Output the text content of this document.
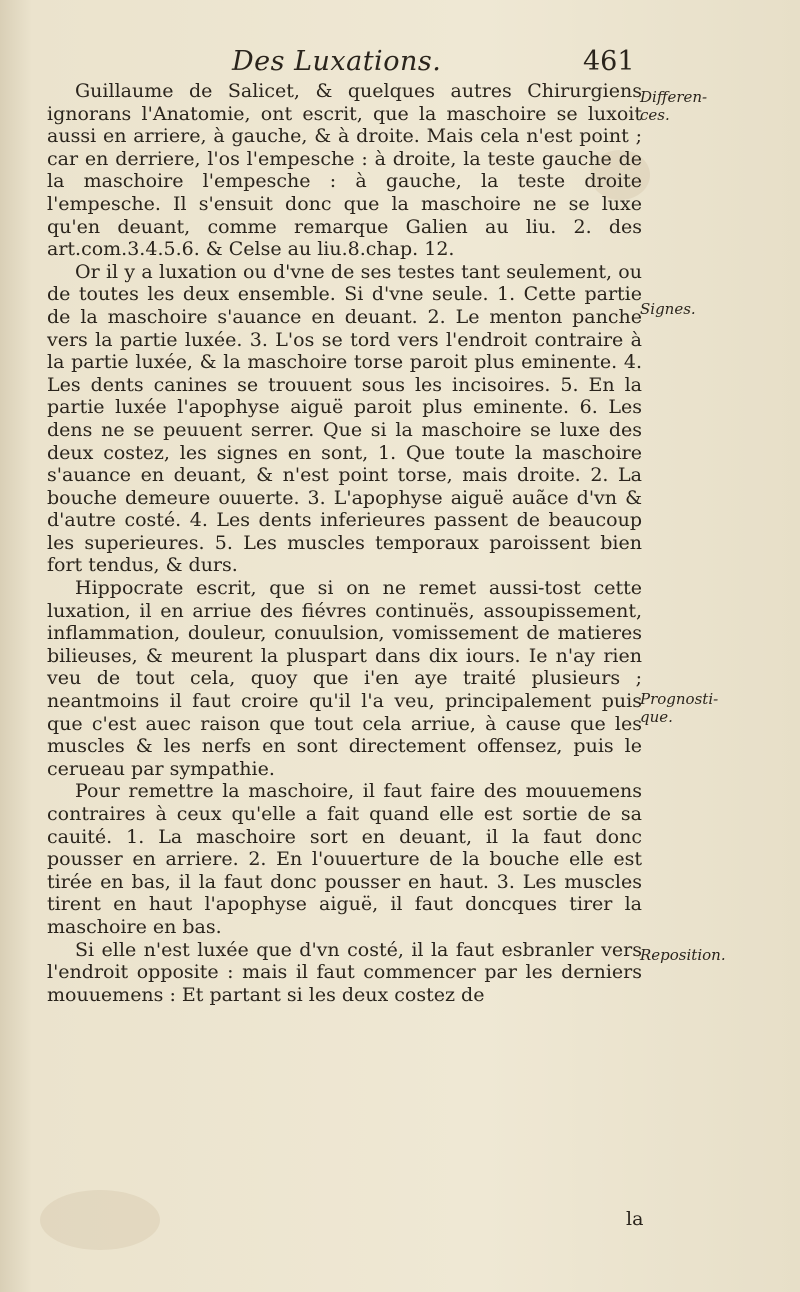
Des Luxations.	461

Guillaume de Salicet, & quelques autres Chirurgiens ignorans l'Anatomie, ont escrit, que la maschoire se luxoit aussi en arriere, à gauche, & à droite. Mais cela n'est point ; car en derriere, l'os l'empesche : à droite, la teste gauche de la maschoire l'empesche : à gauche, la teste droite l'empesche. Il s'ensuit donc que la maschoire ne se luxe qu'en deuant, comme remarque Galien au liu. 2. des art.com.3.4.5.6. & Celse au liu.8.chap. 12.

Or il y a luxation ou d'vne de ses testes tant seulement, ou de toutes les deux ensemble. Si d'vne seule. 1. Cette partie de la maschoire s'auance en deuant. 2. Le menton panche vers la partie luxée. 3. L'os se tord vers l'endroit contraire à la partie luxée, & la maschoire torse paroit plus eminente. 4. Les dents canines se trouuent sous les incisoires. 5. En la partie luxée l'apophyse aiguë paroit plus eminente. 6. Les dens ne se peuuent serrer. Que si la maschoire se luxe des deux costez, les signes en sont, 1. Que toute la maschoire s'auance en deuant, & n'est point torse, mais droite. 2. La bouche demeure ouuerte. 3. L'apophyse aiguë auãce d'vn & d'autre costé. 4. Les dents inferieures passent de beaucoup les superieures. 5. Les muscles temporaux paroissent bien fort tendus, & durs.

Hippocrate escrit, que si on ne remet aussi-tost cette luxation, il en arriue des fiévres continuës, assoupissement, inflammation, douleur, conuulsion, vomissement de matieres bilieuses, & meurent la pluspart dans dix iours. Ie n'ay rien veu de tout cela, quoy que i'en aye traité plusieurs ; neantmoins il faut croire qu'il l'a veu, principalement puis que c'est auec raison que tout cela arriue, à cause que les muscles & les nerfs en sont directement offensez, puis le cerueau par sympathie.

Pour remettre la maschoire, il faut faire des mouuemens contraires à ceux qu'elle a fait quand elle est sortie de sa cauité. 1. La maschoire sort en deuant, il la faut donc pousser en arriere. 2. En l'ouuerture de la bouche elle est tirée en bas, il la faut donc pousser en haut. 3. Les muscles tirent en haut l'apophyse aiguë, il faut doncques tirer la maschoire en bas.

Si elle n'est luxée que d'vn costé, il la faut esbranler vers l'endroit opposite : mais il faut commencer par les derniers mouuemens : Et partant si les deux costez de

Differen-ces.
Signes.
Prognosti-que.
Reposition.
la
